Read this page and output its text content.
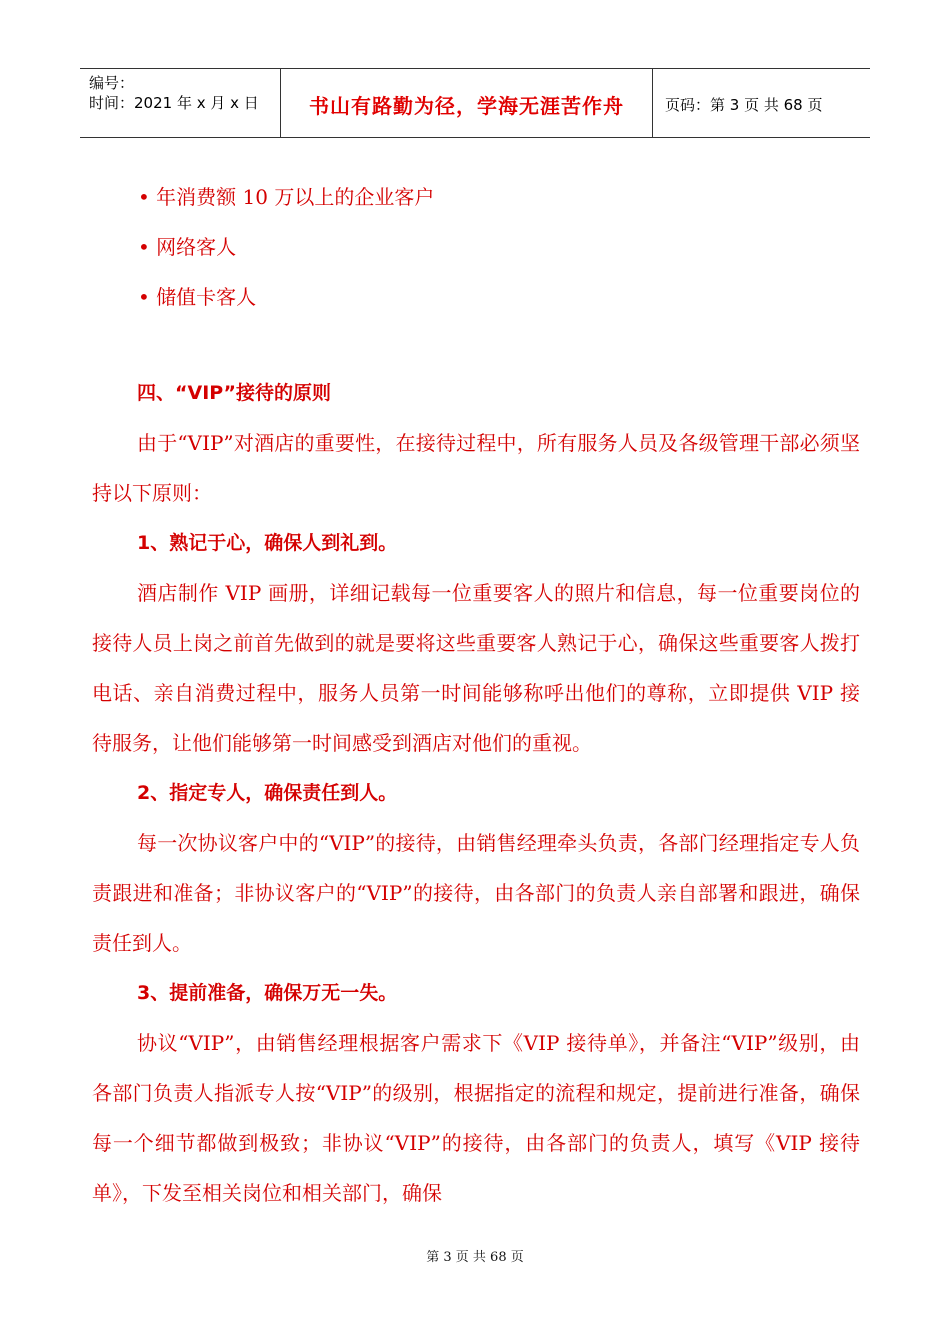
编号：
时间：2021 年 x 月 x 日	书山有路勤为径，学海无涯苦作舟	页码：第 3 页 共 68 页
• 年消费额 10 万以上的企业客户
• 网络客人
• 储值卡客人
四、“VIP”接待的原则
由于“VIP”对酒店的重要性，在接待过程中，所有服务人员及各级管理干部必须坚持以下原则：
1、熟记于心，确保人到礼到。
酒店制作 VIP 画册，详细记载每一位重要客人的照片和信息，每一位重要岗位的接待人员上岗之前首先做到的就是要将这些重要客人熟记于心，确保这些重要客人拨打电话、亲自消费过程中，服务人员第一时间能够称呼出他们的尊称，立即提供 VIP 接待服务，让他们能够第一时间感受到酒店对他们的重视。
2、指定专人，确保责任到人。
每一次协议客户中的“VIP”的接待，由销售经理牵头负责，各部门经理指定专人负责跟进和准备；非协议客户的“VIP”的接待，由各部门的负责人亲自部署和跟进，确保责任到人。
3、提前准备，确保万无一失。
协议“VIP”，由销售经理根据客户需求下《VIP 接待单》，并备注“VIP”级别，由各部门负责人指派专人按“VIP”的级别，根据指定的流程和规定，提前进行准备，确保每一个细节都做到极致；非协议“VIP”的接待，由各部门的负责人，填写《VIP 接待单》，下发至相关岗位和相关部门，确保
第 3 页 共 68 页
